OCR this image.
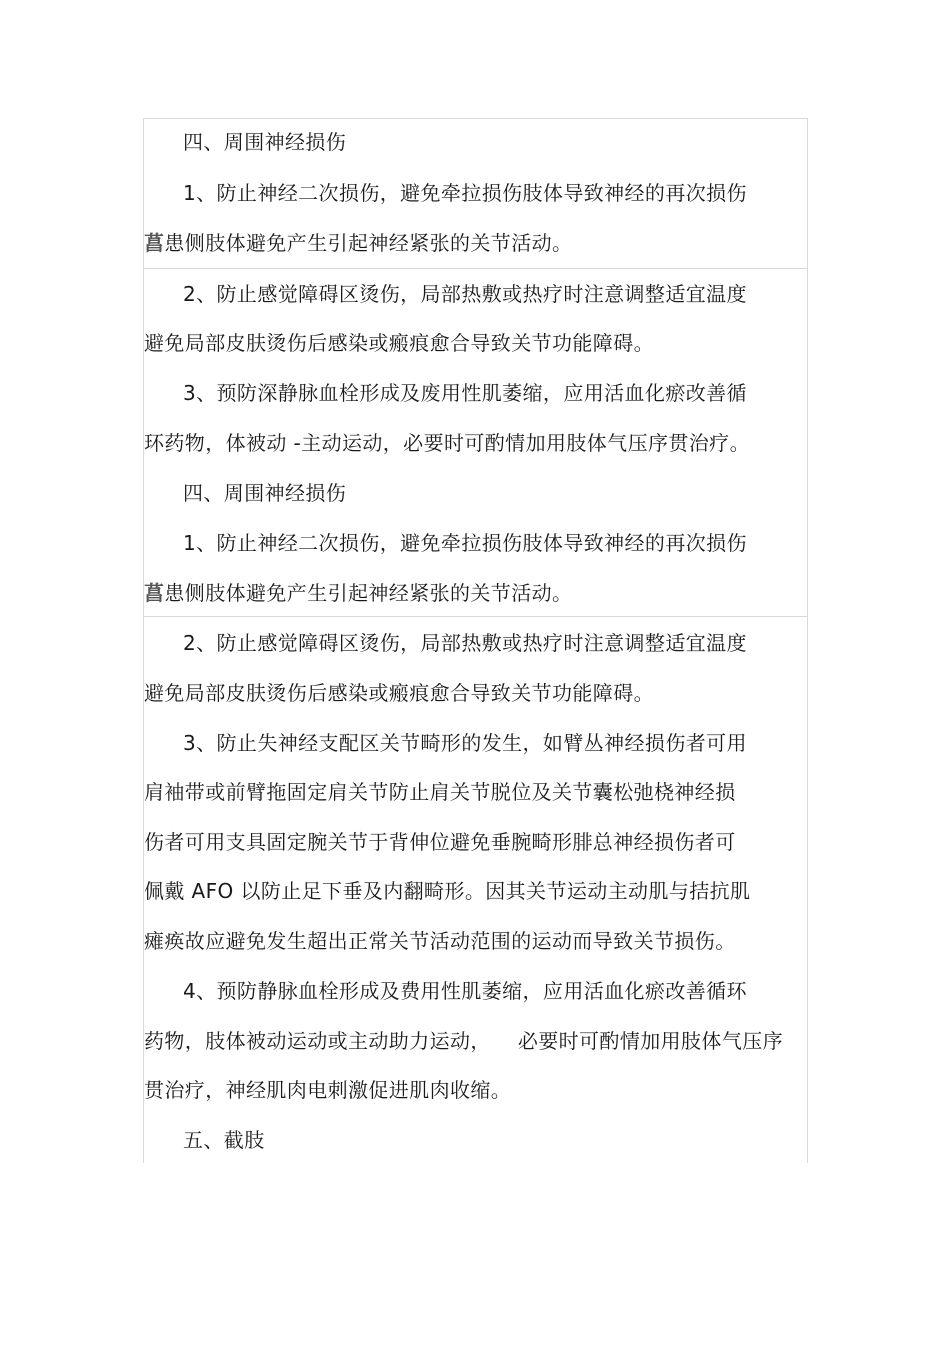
四、周围神经损伤
1、防止神经二次损伤，避免牵拉损伤肢体导致神经的再次损伤
菖患侧肢体避免产生引起神经紧张的关节活动。
2、防止感觉障碍区烫伤，局部热敷或热疗时注意调整适宜温度
避免局部皮肤烫伤后感染或瘢痕愈合导致关节功能障碍。
3、预防深静脉血栓形成及废用性肌萎缩，应用活血化瘀改善循
环药物，体被动 -主动运动，必要时可酌情加用肢体气压序贯治疗。
四、周围神经损伤
1、防止神经二次损伤，避免牵拉损伤肢体导致神经的再次损伤
菖患侧肢体避免产生引起神经紧张的关节活动。
2、防止感觉障碍区烫伤，局部热敷或热疗时注意调整适宜温度
避免局部皮肤烫伤后感染或瘢痕愈合导致关节功能障碍。
3、防止失神经支配区关节畸形的发生，如臂丛神经损伤者可用
肩袖带或前臂拖固定肩关节防止肩关节脱位及关节囊松弛桡神经损
伤者可用支具固定腕关节于背伸位避免垂腕畸形腓总神经损伤者可
佩戴 AFO 以防止足下垂及内翻畸形。因其关节运动主动肌与拮抗肌
瘫痪故应避免发生超出正常关节活动范围的运动而导致关节损伤。
4、预防静脉血栓形成及费用性肌萎缩，应用活血化瘀改善循环
药物，肢体被动运动或主动助力运动，    必要时可酌情加用肢体气压序
贯治疗，神经肌肉电刺激促进肌肉收缩。
五、截肢
